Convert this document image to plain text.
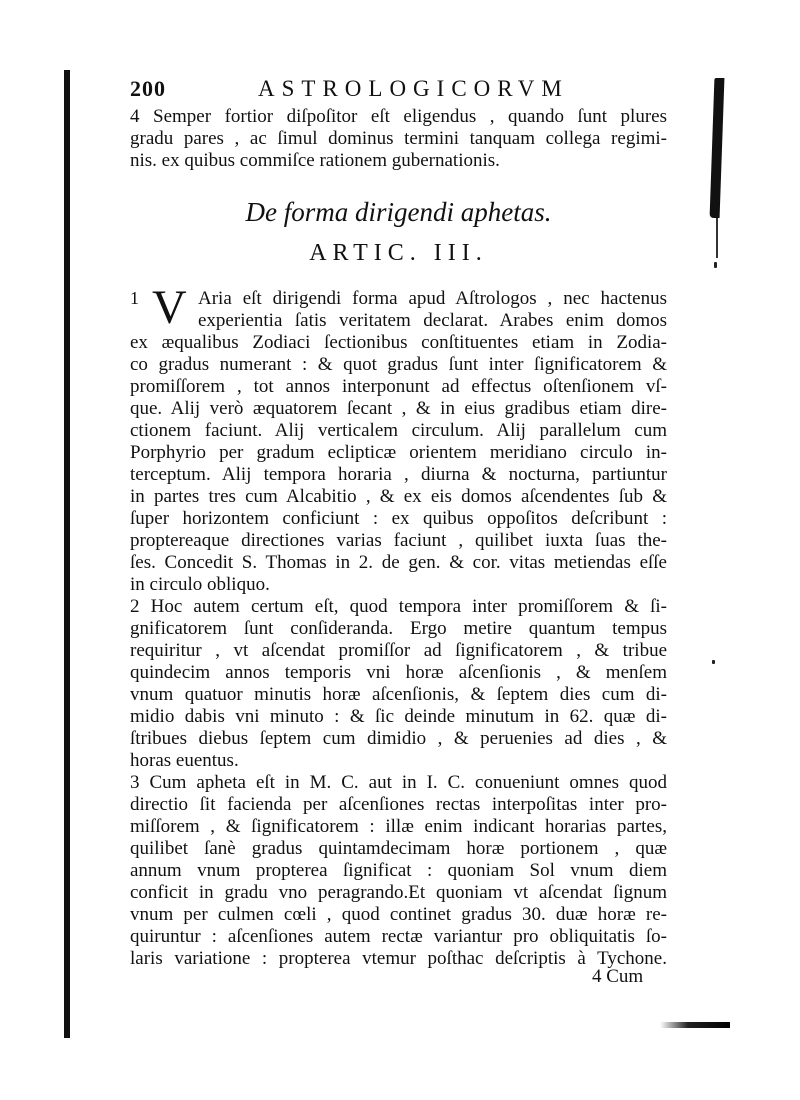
200	ASTROLOGICORVM
4 Semper fortior diſpoſitor eſt eligendus , quando ſunt plures
gradu pares , ac ſimul dominus termini tanquam collega regimi-
nis. ex quibus commiſce rationem gubernationis.
De forma dirigendi aphetas.
ARTIC. III.
1 V Aria eſt dirigendi forma apud Aſtrologos , nec hactenus
experientia ſatis veritatem declarat. Arabes enim domos
ex æqualibus Zodiaci ſectionibus conſtituentes etiam in Zodia-
co gradus numerant : & quot gradus ſunt inter ſignificatorem &
promiſſorem , tot annos interponunt ad effectus oſtenſionem vſ-
que. Alij verò æquatorem ſecant , & in eius gradibus etiam dire-
ctionem faciunt. Alij verticalem circulum. Alij parallelum cum
Porphyrio per gradum eclipticæ orientem meridiano circulo in-
terceptum. Alij tempora horaria , diurna & nocturna, partiuntur
in partes tres cum Alcabitio , & ex eis domos aſcendentes ſub &
ſuper horizontem conficiunt : ex quibus oppoſitos deſcribunt :
proptereaque directiones varias faciunt , quilibet iuxta ſuas the-
ſes. Concedit S. Thomas in 2. de gen. & cor. vitas metiendas eſſe
in circulo obliquo.
2 Hoc autem certum eſt, quod tempora inter promiſſorem & ſi-
gnificatorem ſunt conſideranda. Ergo metire quantum tempus
requiritur , vt aſcendat promiſſor ad ſignificatorem , & tribue
quindecim annos temporis vni horæ aſcenſionis , & menſem
vnum quatuor minutis horæ aſcenſionis, & ſeptem dies cum di-
midio dabis vni minuto : & ſic deinde minutum in 62. quæ di-
ſtribues diebus ſeptem cum dimidio , & peruenies ad dies , &
horas euentus.
3 Cum apheta eſt in M. C. aut in I. C. conueniunt omnes quod
directio ſit facienda per aſcenſiones rectas interpoſitas inter pro-
miſſorem , & ſignificatorem : illæ enim indicant horarias partes,
quilibet ſanè gradus quintamdecimam horæ portionem , quæ
annum vnum propterea ſignificat : quoniam Sol vnum diem
conficit in gradu vno peragrando.Et quoniam vt aſcendat ſignum
vnum per culmen cœli , quod continet gradus 30. duæ horæ re-
quiruntur : aſcenſiones autem rectæ variantur pro obliquitatis ſo-
laris variatione : propterea vtemur poſthac deſcriptis à Tychone.
4 Cum
